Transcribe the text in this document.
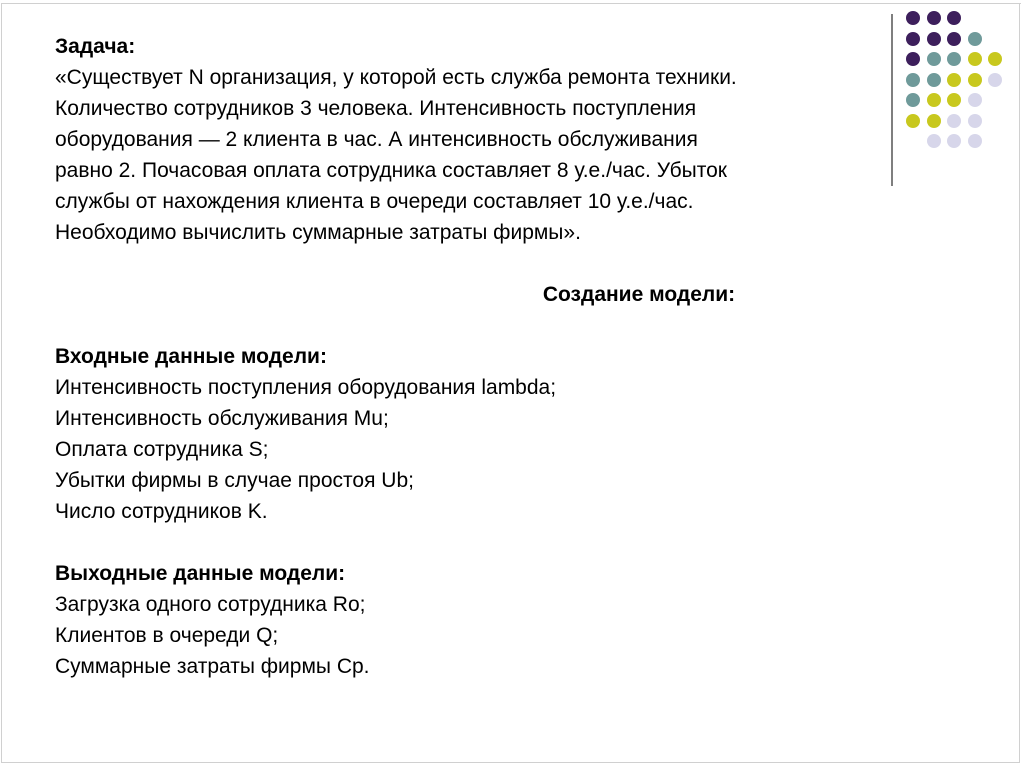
Задача:
«Существует N организация, у которой есть служба ремонта техники.
Количество сотрудников 3 человека. Интенсивность поступления
оборудования — 2 клиента в час. А интенсивность обслуживания
равно 2. Почасовая оплата сотрудника составляет 8 у.е./час. Убыток
службы от нахождения клиента в очереди составляет 10 у.е./час.
Необходимо вычислить суммарные затраты фирмы».
Создание модели:
Входные данные модели:
Интенсивность поступления оборудования lambda;
Интенсивность обслуживания Mu;
Оплата сотрудника S;
Убытки фирмы в случае простоя Ub;
Число сотрудников K.
Выходные данные модели:
Загрузка одного сотрудника Ro;
Клиентов в очереди Q;
Суммарные затраты фирмы Cp.
